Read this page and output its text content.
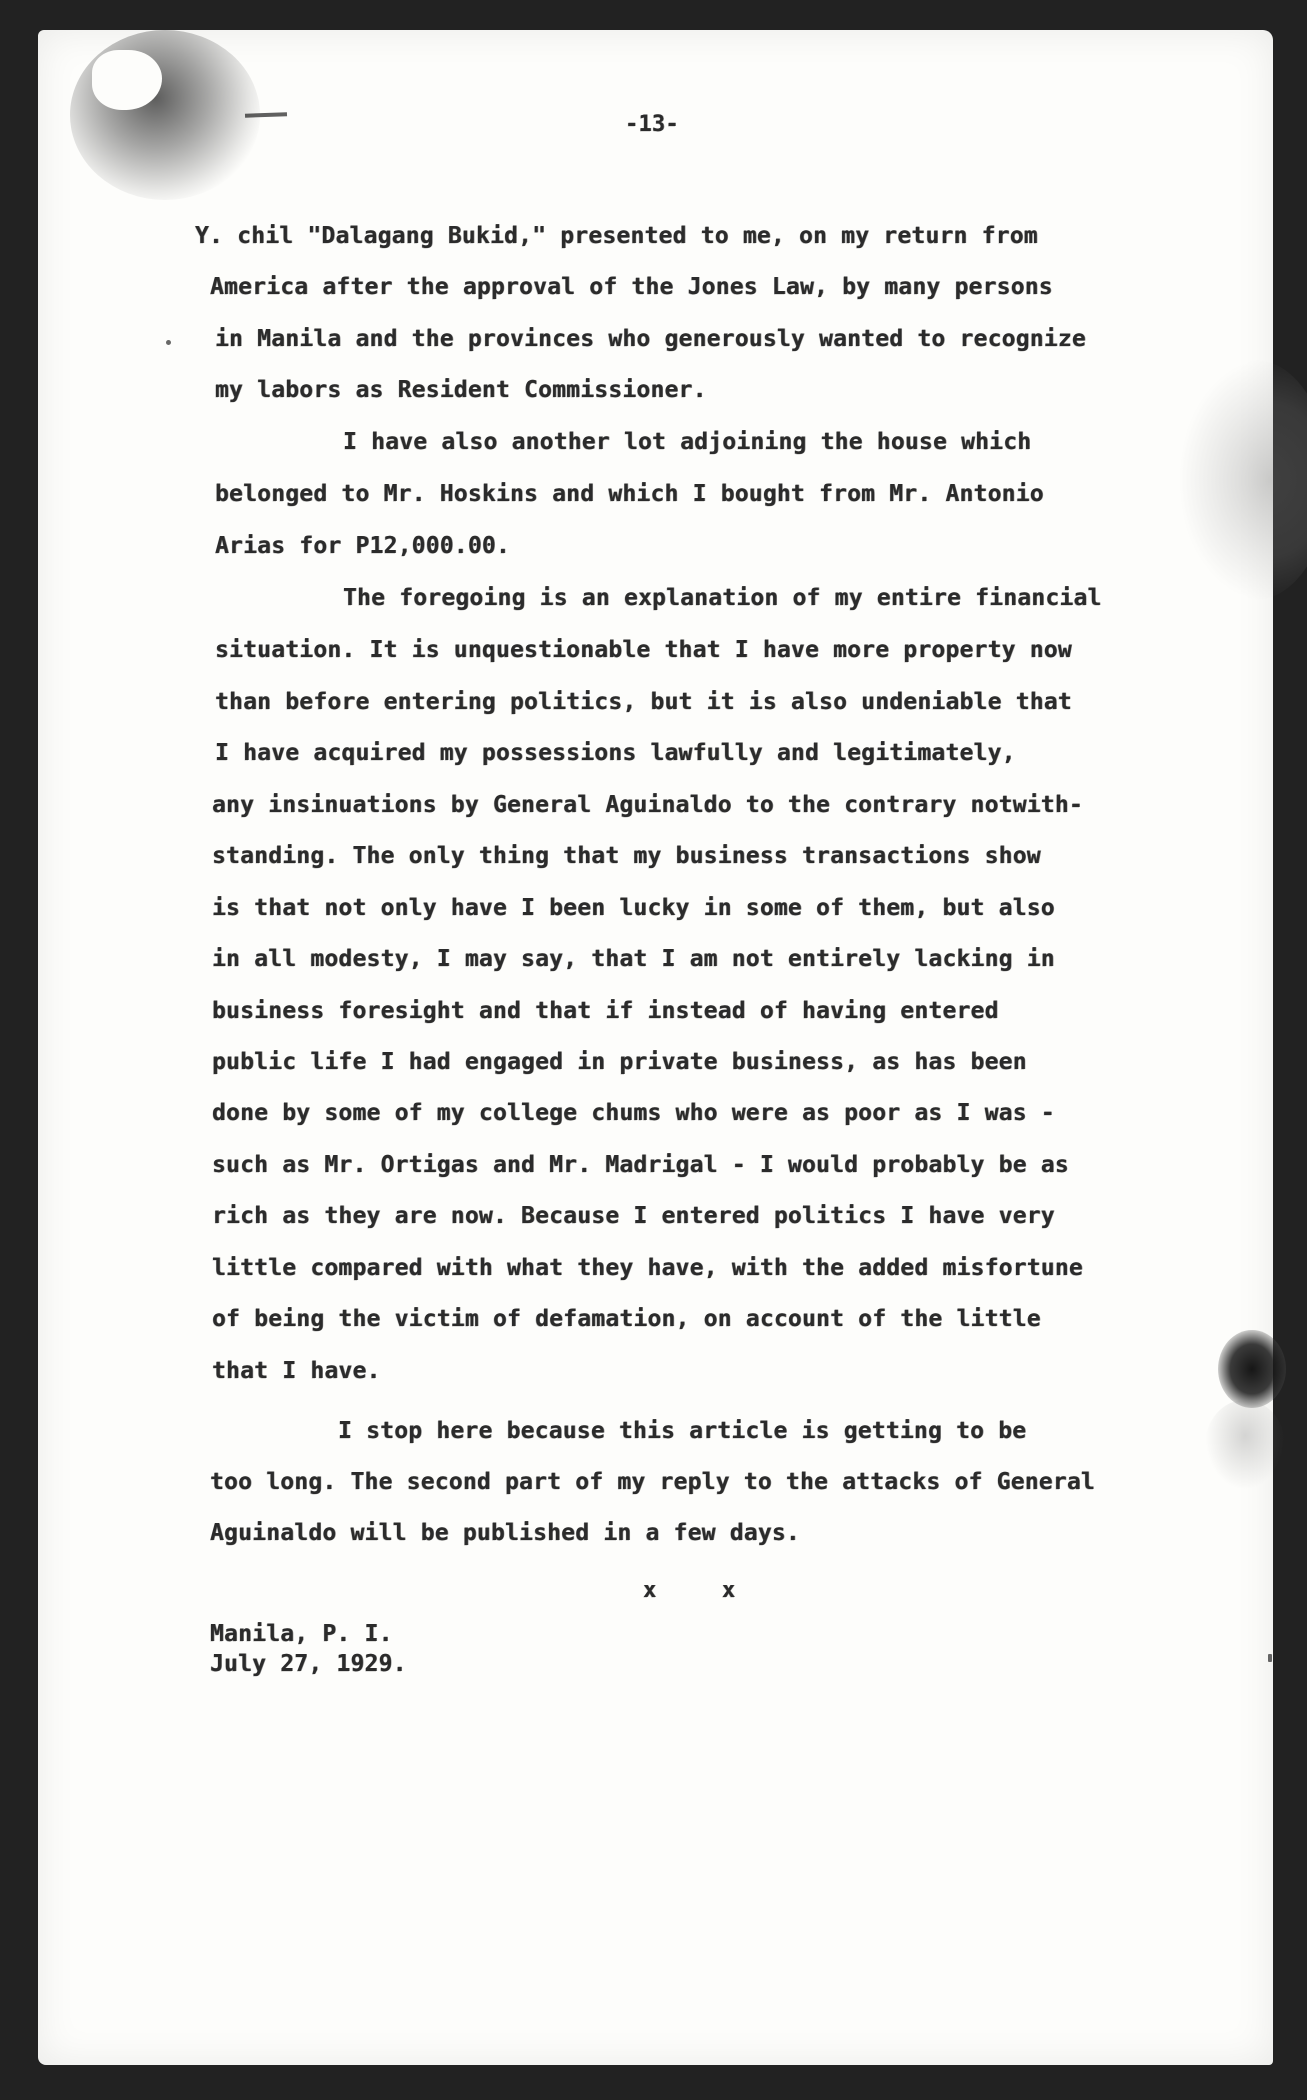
-13-
Y. chil "Dalagang Bukid," presented to me, on my return from
America after the approval of the Jones Law, by many persons
in Manila and the provinces who generously wanted to recognize
my labors as Resident Commissioner.
I have also another lot adjoining the house which
belonged to Mr. Hoskins and which I bought from Mr. Antonio
Arias for P12,000.00.
The foregoing is an explanation of my entire financial
situation. It is unquestionable that I have more property now
than before entering politics, but it is also undeniable that
I have acquired my possessions lawfully and legitimately,
any insinuations by General Aguinaldo to the contrary notwith-
standing. The only thing that my business transactions show
is that not only have I been lucky in some of them, but also
in all modesty, I may say, that I am not entirely lacking in
business foresight and that if instead of having entered
public life I had engaged in private business, as has been
done by some of my college chums who were as poor as I was -
such as Mr. Ortigas and Mr. Madrigal - I would probably be as
rich as they are now. Because I entered politics I have very
little compared with what they have, with the added misfortune
of being the victim of defamation, on account of the little
that I have.
I stop here because this article is getting to be
too long. The second part of my reply to the attacks of General
Aguinaldo will be published in a few days.
x x
Manila, P. I.
July 27, 1929.
